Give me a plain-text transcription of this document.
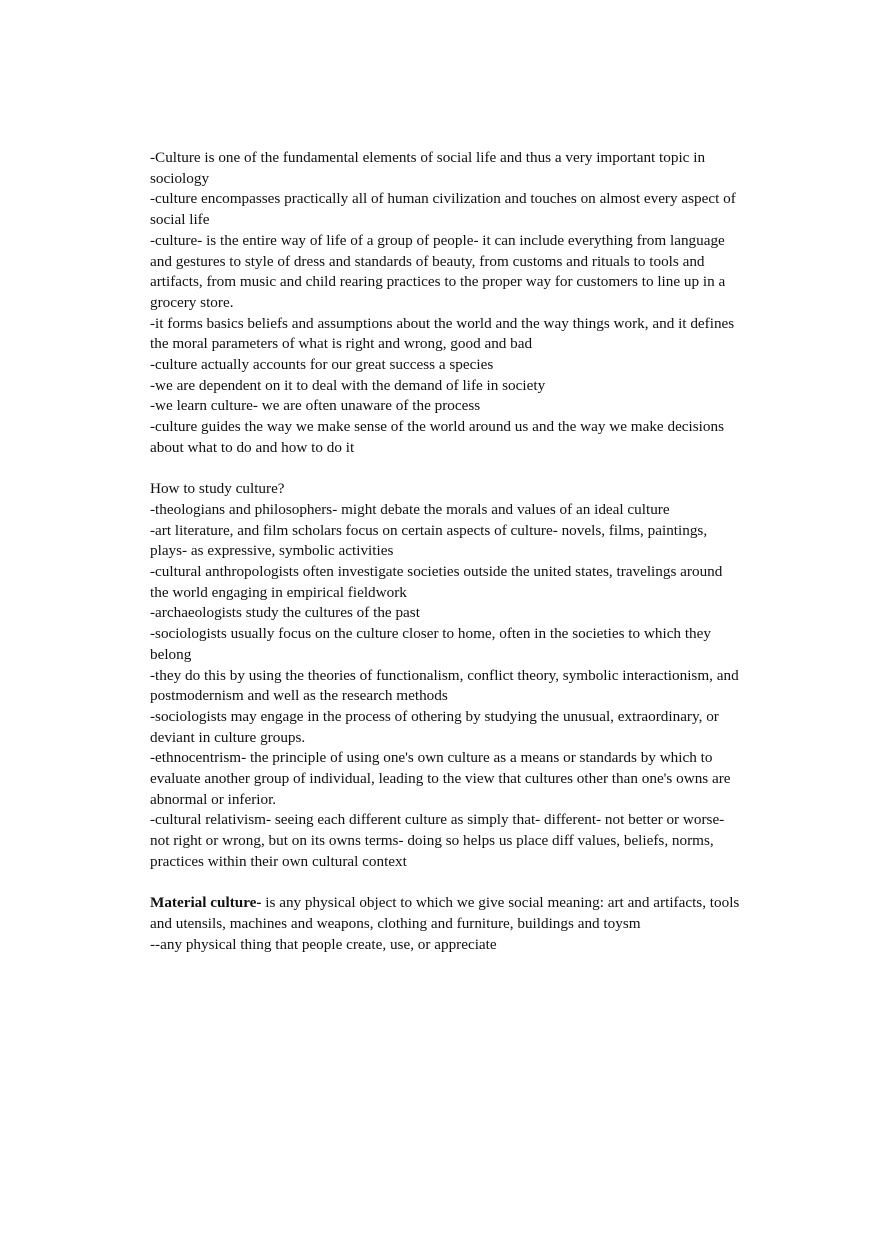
-Culture is one of the fundamental elements of social life and thus a very important topic in sociology
-culture encompasses practically all of human civilization and touches on almost every aspect of social life
-culture- is the entire way of life of a group of people- it can include everything from language and gestures to style of dress and standards of beauty, from customs and rituals to tools and artifacts, from music and child rearing practices to the proper way for customers to line up in a grocery store.
-it forms basics beliefs and assumptions about the world and the way things work, and it defines the moral parameters of what is right and wrong, good and bad
-culture actually accounts for our great success a species
-we are dependent on it to deal with the demand of life in society
-we learn culture- we are often unaware of the process
-culture guides the way we make sense of the world around us and the way we make decisions about what to do and how to do it
How to study culture?
-theologians and philosophers- might debate the morals and values of an ideal culture
-art literature, and film scholars focus on certain aspects of culture- novels, films, paintings, plays- as expressive, symbolic activities
-cultural anthropologists often investigate societies outside the united states, travelings around the world engaging in empirical fieldwork
-archaeologists study the cultures of the past
-sociologists usually focus on the culture closer to home, often in the societies to which they belong
-they do this by using the theories of functionalism, conflict theory, symbolic interactionism, and postmodernism and well as the research methods
-sociologists may engage in the process of othering by studying the unusual, extraordinary, or deviant in culture groups.
-ethnocentrism- the principle of using one's own culture as a means or standards by which to evaluate another group of individual, leading to the view that cultures other than one's owns are abnormal or inferior.
-cultural relativism- seeing each different culture as simply that- different- not better or worse- not right or wrong, but on its owns terms- doing so helps us place diff values, beliefs, norms, practices within their own cultural context
Material culture- is any physical object to which we give social meaning: art and artifacts, tools and utensils, machines and weapons, clothing and furniture, buildings and toysm
--any physical thing that people create, use, or appreciate
